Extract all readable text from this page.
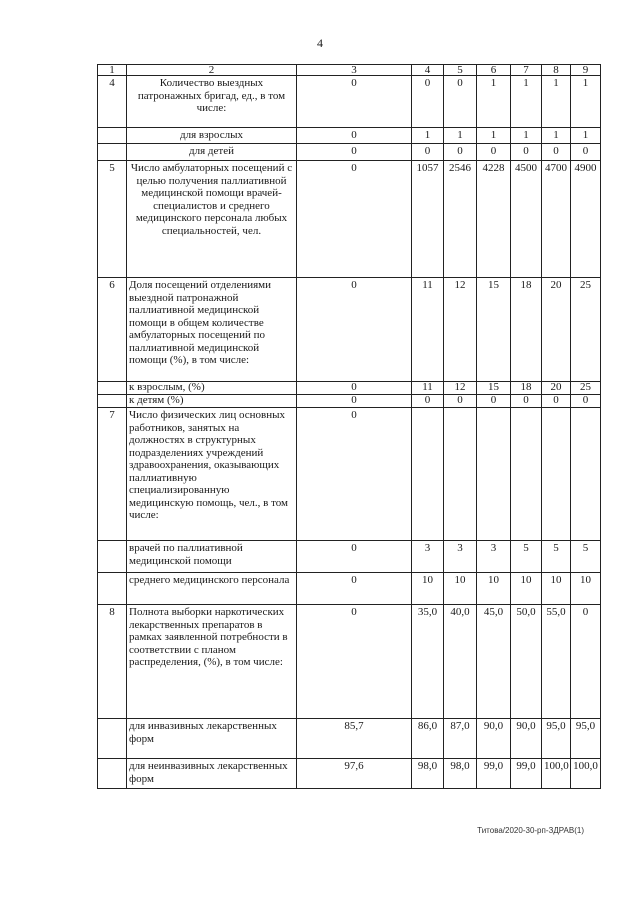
4
1	2	3	4	5	6	7	8	9
4	Количество выездных патронажных бригад, ед., в том числе:	0	0	0	1	1	1	1
	для взрослых	0	1	1	1	1	1	1
	для детей	0	0	0	0	0	0	0
5	Число амбулаторных посещений с целью получения паллиативной медицинской помощи врачей-специалистов и среднего медицинского персонала любых специальностей, чел.	0	1057	2546	4228	4500	4700	4900
6	Доля посещений отделениями выездной патронажной паллиативной медицинской помощи в общем количестве амбулаторных посещений по паллиативной медицинской помощи (%), в том числе:	0	11	12	15	18	20	25
	к взрослым, (%)	0	11	12	15	18	20	25
	к детям (%)	0	0	0	0	0	0	0
7	Число физических лиц основных работников, занятых на должностях в структурных подразделениях учреждений здравоохранения, оказывающих паллиативную специализированную медицинскую помощь, чел., в том числе:	0						
	врачей по паллиативной медицинской помощи	0	3	3	3	5	5	5
	среднего медицинского персонала	0	10	10	10	10	10	10
8	Полнота выборки наркотических лекарственных препаратов в рамках заявленной потребности в соответствии с планом распределения, (%), в том числе:	0	35,0	40,0	45,0	50,0	55,0	0
	для инвазивных лекарственных форм	85,7	86,0	87,0	90,0	90,0	95,0	95,0
	для неинвазивных лекарственных форм	97,6	98,0	98,0	99,0	99,0	100,0	100,0
Титова/2020-30-рп-ЗДРАВ(1)
